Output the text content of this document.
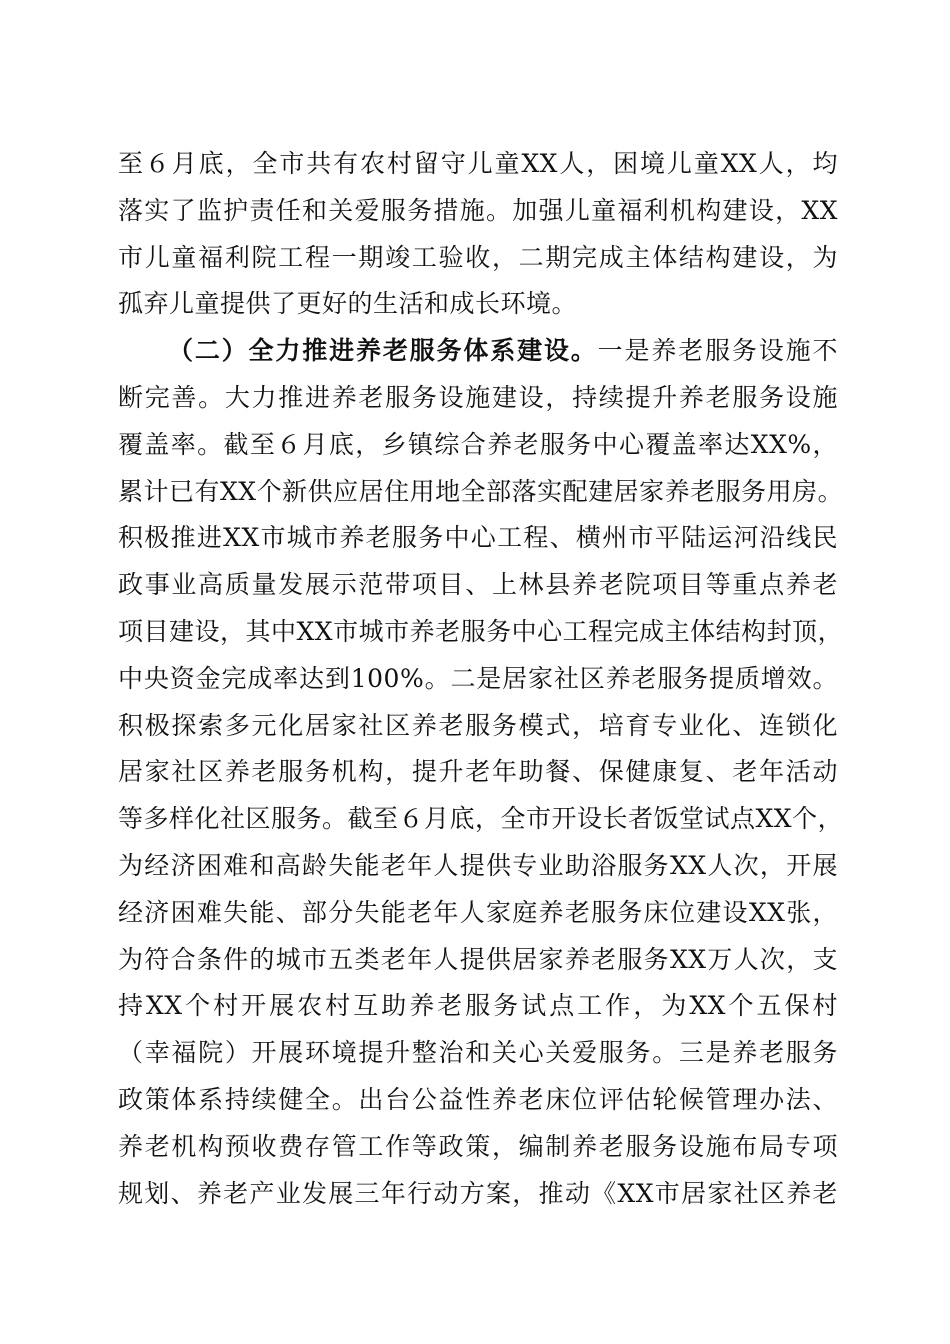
至６月底，全市共有农村留守儿童XX人，困境儿童XX人，均
落实了监护责任和关爱服务措施。加强儿童福利机构建设，XX
市儿童福利院工程一期竣工验收，二期完成主体结构建设，为
孤弃儿童提供了更好的生活和成长环境。
（二）全力推进养老服务体系建设。一是养老服务设施不
断完善。大力推进养老服务设施建设，持续提升养老服务设施
覆盖率。截至６月底，乡镇综合养老服务中心覆盖率达XX%，
累计已有XX个新供应居住用地全部落实配建居家养老服务用房。
积极推进XX市城市养老服务中心工程、横州市平陆运河沿线民
政事业高质量发展示范带项目、上林县养老院项目等重点养老
项目建设，其中XX市城市养老服务中心工程完成主体结构封顶，
中央资金完成率达到100%。二是居家社区养老服务提质增效。
积极探索多元化居家社区养老服务模式，培育专业化、连锁化
居家社区养老服务机构，提升老年助餐、保健康复、老年活动
等多样化社区服务。截至６月底，全市开设长者饭堂试点XX个，
为经济困难和高龄失能老年人提供专业助浴服务XX人次，开展
经济困难失能、部分失能老年人家庭养老服务床位建设XX张，
为符合条件的城市五类老年人提供居家养老服务XX万人次，支
持XX个村开展农村互助养老服务试点工作，为XX个五保村
（幸福院）开展环境提升整治和关心关爱服务。三是养老服务
政策体系持续健全。出台公益性养老床位评估轮候管理办法、
养老机构预收费存管工作等政策，编制养老服务设施布局专项
规划、养老产业发展三年行动方案，推动《XX市居家社区养老
